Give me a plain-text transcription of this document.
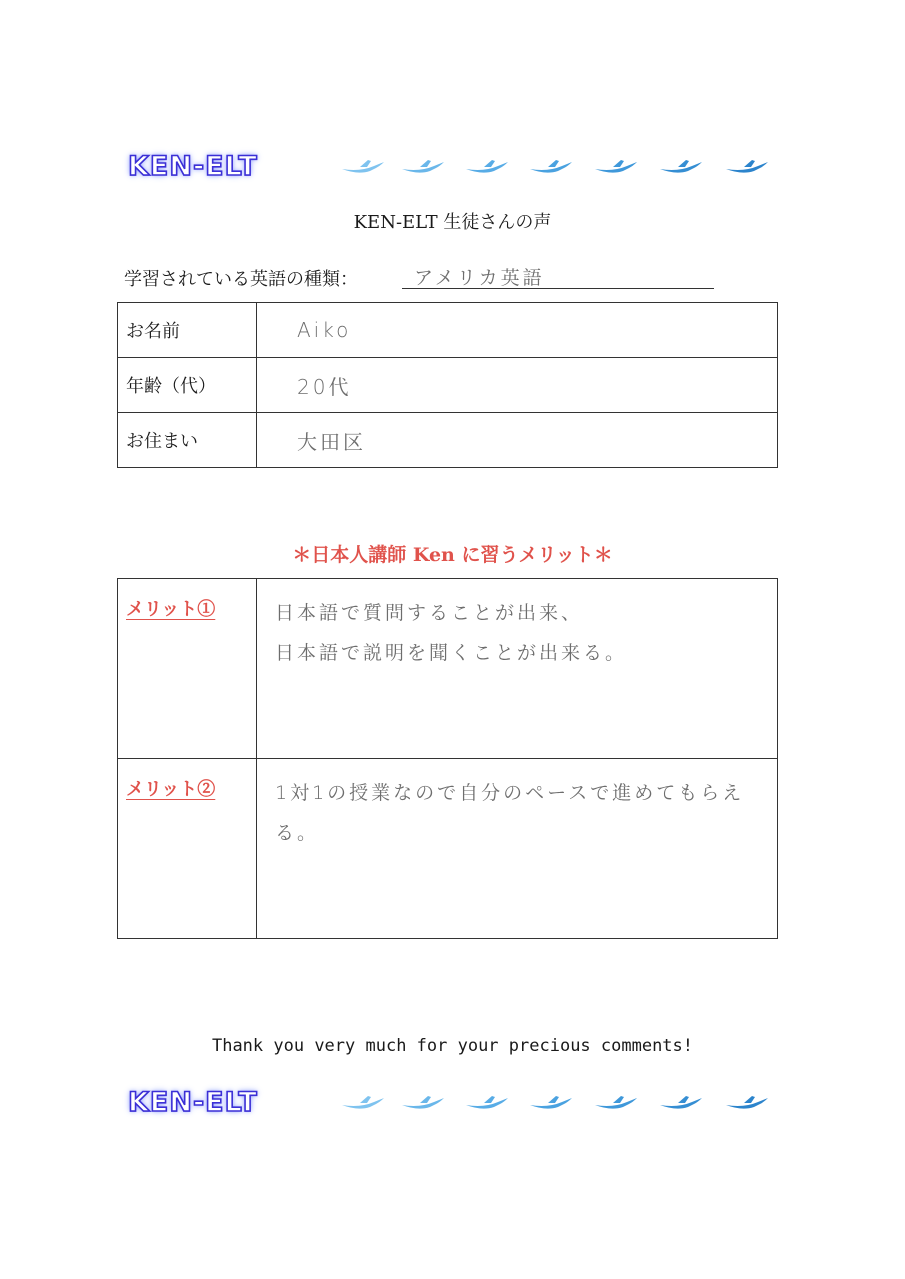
KEN-ELT
KEN-ELT 生徒さんの声
学習されている英語の種類：	アメリカ英語
お名前	Aiko
年齢（代）	20代
お住まい	大田区
＊日本人講師 Ken に習うメリット＊
メリット①	日本語で質問することが出来、
日本語で説明を聞くことが出来る。

メリット②	1対1の授業なので自分のペースで進めてもらえる。
Thank you very much for your precious comments!
KEN-ELT
